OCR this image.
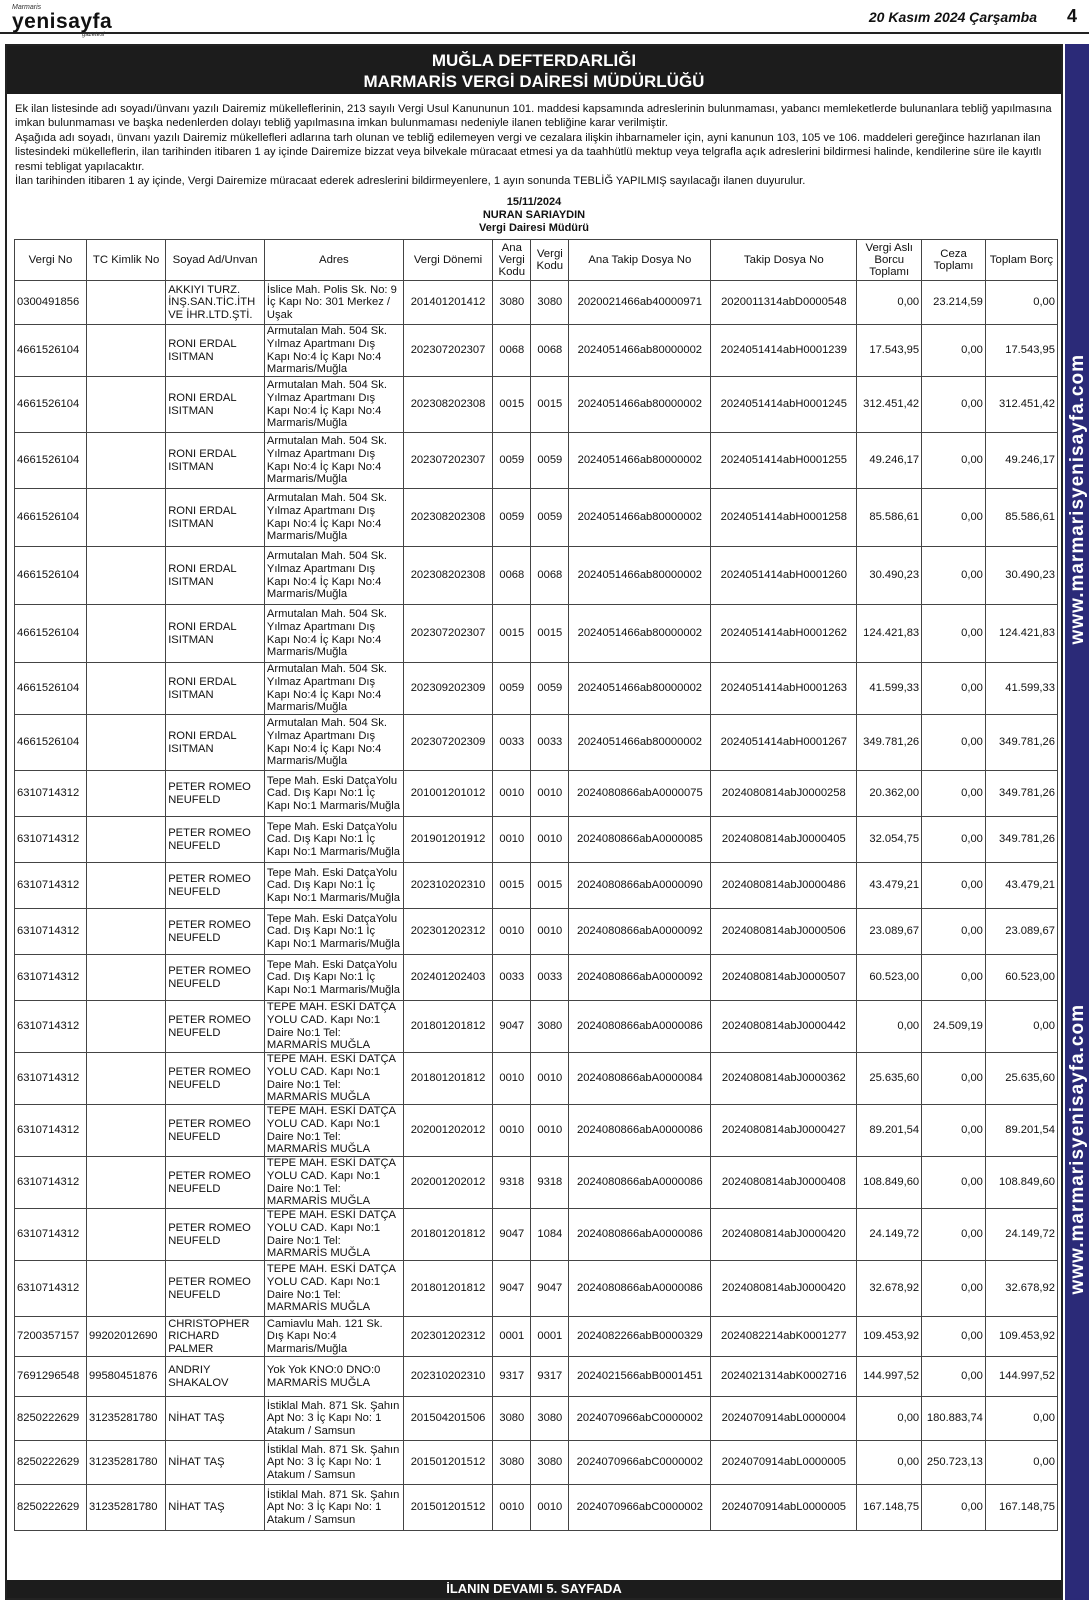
Marmaris
yenisayfa
gazetesi
20 Kasım 2024 Çarşamba 4
www.marmarisyenisayfa.com
www.marmarisyenisayfa.com
MUĞLA DEFTERDARLIĞI
MARMARİS VERGİ DAİRESİ MÜDÜRLÜĞÜ

Ek ilan listesinde adı soyadı/ünvanı yazılı Dairemiz mükelleflerinin, 213 sayılı Vergi Usul Kanununun 101. maddesi kapsamında adreslerinin bulunmaması, yabancı memleketlerde bulunanlara tebliğ yapılmasına imkan bulunmaması ve başka nedenlerden dolayı tebliğ yapılmasına imkan bulunmaması nedeniyle ilanen tebliğine karar verilmiştir.

Aşağıda adı soyadı, ünvanı yazılı Dairemiz mükellefleri adlarına tarh olunan ve tebliğ edilemeyen vergi ve cezalara ilişkin ihbarnameler için, ayni kanunun 103, 105 ve 106. maddeleri gereğince hazırlanan ilan listesindeki mükelleflerin, ilan tarihinden itibaren 1 ay içinde Dairemize bizzat veya bilvekale müracaat etmesi ya da taahhütlü mektup veya telgrafla açık adreslerini bildirmesi halinde, kendilerine süre ile kayıtlı resmi tebligat yapılacaktır.

İlan tarihinden itibaren 1 ay içinde, Vergi Dairemize müracaat ederek adreslerini bildirmeyenlere, 1 ayın sonunda TEBLİĞ YAPILMIŞ sayılacağı ilanen duyurulur.

15/11/2024
NURAN SARIAYDIN
Vergi Dairesi Müdürü
Vergi No	TC Kimlik No	Soyad Ad/Unvan	Adres	Vergi Dönemi	Ana Vergi Kodu	Vergi Kodu	Ana Takip Dosya No	Takip Dosya No	Vergi Aslı Borcu Toplamı	Ceza Toplamı	Toplam Borç
0300491856		AKKIYI TURZ. İNŞ.SAN.TİC.İTH VE İHR.LTD.ŞTİ.	İslice Mah. Polis Sk. No: 9 İç Kapı No: 301 Merkez / Uşak	201401201412	3080	3080	2020021466ab40000971	2020011314abD0000548	0,00	23.214,59	0,00
4661526104		RONI ERDAL ISITMAN	Armutalan Mah. 504 Sk. Yılmaz Apartmanı Dış Kapı No:4 İç Kapı No:4 Marmaris/Muğla	202307202307	0068	0068	2024051466ab80000002	2024051414abH0001239	17.543,95	0,00	17.543,95
4661526104		RONI ERDAL ISITMAN	Armutalan Mah. 504 Sk. Yılmaz Apartmanı Dış Kapı No:4 İç Kapı No:4 Marmaris/Muğla	202308202308	0015	0015	2024051466ab80000002	2024051414abH0001245	312.451,42	0,00	312.451,42
4661526104		RONI ERDAL ISITMAN	Armutalan Mah. 504 Sk. Yılmaz Apartmanı Dış Kapı No:4 İç Kapı No:4 Marmaris/Muğla	202307202307	0059	0059	2024051466ab80000002	2024051414abH0001255	49.246,17	0,00	49.246,17
4661526104		RONI ERDAL ISITMAN	Armutalan Mah. 504 Sk. Yılmaz Apartmanı Dış Kapı No:4 İç Kapı No:4 Marmaris/Muğla	202308202308	0059	0059	2024051466ab80000002	2024051414abH0001258	85.586,61	0,00	85.586,61
4661526104		RONI ERDAL ISITMAN	Armutalan Mah. 504 Sk. Yılmaz Apartmanı Dış Kapı No:4 İç Kapı No:4 Marmaris/Muğla	202308202308	0068	0068	2024051466ab80000002	2024051414abH0001260	30.490,23	0,00	30.490,23
4661526104		RONI ERDAL ISITMAN	Armutalan Mah. 504 Sk. Yılmaz Apartmanı Dış Kapı No:4 İç Kapı No:4 Marmaris/Muğla	202307202307	0015	0015	2024051466ab80000002	2024051414abH0001262	124.421,83	0,00	124.421,83
4661526104		RONI ERDAL ISITMAN	Armutalan Mah. 504 Sk. Yılmaz Apartmanı Dış Kapı No:4 İç Kapı No:4 Marmaris/Muğla	202309202309	0059	0059	2024051466ab80000002	2024051414abH0001263	41.599,33	0,00	41.599,33
4661526104		RONI ERDAL ISITMAN	Armutalan Mah. 504 Sk. Yılmaz Apartmanı Dış Kapı No:4 İç Kapı No:4 Marmaris/Muğla	202307202309	0033	0033	2024051466ab80000002	2024051414abH0001267	349.781,26	0,00	349.781,26
6310714312		PETER ROMEO NEUFELD	Tepe Mah. Eski DatçaYolu Cad. Dış Kapı No:1 İç Kapı No:1 Marmaris/Muğla	201001201012	0010	0010	2024080866abA0000075	2024080814abJ0000258	20.362,00	0,00	349.781,26
6310714312		PETER ROMEO NEUFELD	Tepe Mah. Eski DatçaYolu Cad. Dış Kapı No:1 İç Kapı No:1 Marmaris/Muğla	201901201912	0010	0010	2024080866abA0000085	2024080814abJ0000405	32.054,75	0,00	349.781,26
6310714312		PETER ROMEO NEUFELD	Tepe Mah. Eski DatçaYolu Cad. Dış Kapı No:1 İç Kapı No:1 Marmaris/Muğla	202310202310	0015	0015	2024080866abA0000090	2024080814abJ0000486	43.479,21	0,00	43.479,21
6310714312		PETER ROMEO NEUFELD	Tepe Mah. Eski DatçaYolu Cad. Dış Kapı No:1 İç Kapı No:1 Marmaris/Muğla	202301202312	0010	0010	2024080866abA0000092	2024080814abJ0000506	23.089,67	0,00	23.089,67
6310714312		PETER ROMEO NEUFELD	Tepe Mah. Eski DatçaYolu Cad. Dış Kapı No:1 İç Kapı No:1 Marmaris/Muğla	202401202403	0033	0033	2024080866abA0000092	2024080814abJ0000507	60.523,00	0,00	60.523,00
6310714312		PETER ROMEO NEUFELD	TEPE MAH. ESKİ DATÇA YOLU CAD. Kapı No:1 Daire No:1 Tel: MARMARİS MUĞLA	201801201812	9047	3080	2024080866abA0000086	2024080814abJ0000442	0,00	24.509,19	0,00
6310714312		PETER ROMEO NEUFELD	TEPE MAH. ESKİ DATÇA YOLU CAD. Kapı No:1 Daire No:1 Tel: MARMARİS MUĞLA	201801201812	0010	0010	2024080866abA0000084	2024080814abJ0000362	25.635,60	0,00	25.635,60
6310714312		PETER ROMEO NEUFELD	TEPE MAH. ESKİ DATÇA YOLU CAD. Kapı No:1 Daire No:1 Tel: MARMARİS MUĞLA	202001202012	0010	0010	2024080866abA0000086	2024080814abJ0000427	89.201,54	0,00	89.201,54
6310714312		PETER ROMEO NEUFELD	TEPE MAH. ESKİ DATÇA YOLU CAD. Kapı No:1 Daire No:1 Tel: MARMARİS MUĞLA	202001202012	9318	9318	2024080866abA0000086	2024080814abJ0000408	108.849,60	0,00	108.849,60
6310714312		PETER ROMEO NEUFELD	TEPE MAH. ESKİ DATÇA YOLU CAD. Kapı No:1 Daire No:1 Tel: MARMARİS MUĞLA	201801201812	9047	1084	2024080866abA0000086	2024080814abJ0000420	24.149,72	0,00	24.149,72
6310714312		PETER ROMEO NEUFELD	TEPE MAH. ESKİ DATÇA YOLU CAD. Kapı No:1 Daire No:1 Tel: MARMARİS MUĞLA	201801201812	9047	9047	2024080866abA0000086	2024080814abJ0000420	32.678,92	0,00	32.678,92
7200357157	99202012690	CHRISTOPHER RICHARD PALMER	Camiavlu Mah. 121 Sk. Dış Kapı No:4 Marmaris/Muğla	202301202312	0001	0001	2024082266abB0000329	2024082214abK0001277	109.453,92	0,00	109.453,92
7691296548	99580451876	ANDRIY SHAKALOV	Yok Yok KNO:0 DNO:0 MARMARİS MUĞLA	202310202310	9317	9317	2024021566abB0001451	2024021314abK0002716	144.997,52	0,00	144.997,52
8250222629	31235281780	NİHAT TAŞ	İstiklal Mah. 871 Sk. Şahın Apt No: 3 İç Kapı No: 1 Atakum / Samsun	201504201506	3080	3080	2024070966abC0000002	2024070914abL0000004	0,00	180.883,74	0,00
8250222629	31235281780	NİHAT TAŞ	İstiklal Mah. 871 Sk. Şahın Apt No: 3 İç Kapı No: 1 Atakum / Samsun	201501201512	3080	3080	2024070966abC0000002	2024070914abL0000005	0,00	250.723,13	0,00
8250222629	31235281780	NİHAT TAŞ	İstiklal Mah. 871 Sk. Şahın Apt No: 3 İç Kapı No: 1 Atakum / Samsun	201501201512	0010	0010	2024070966abC0000002	2024070914abL0000005	167.148,75	0,00	167.148,75
İLANIN DEVAMI 5. SAYFADA
